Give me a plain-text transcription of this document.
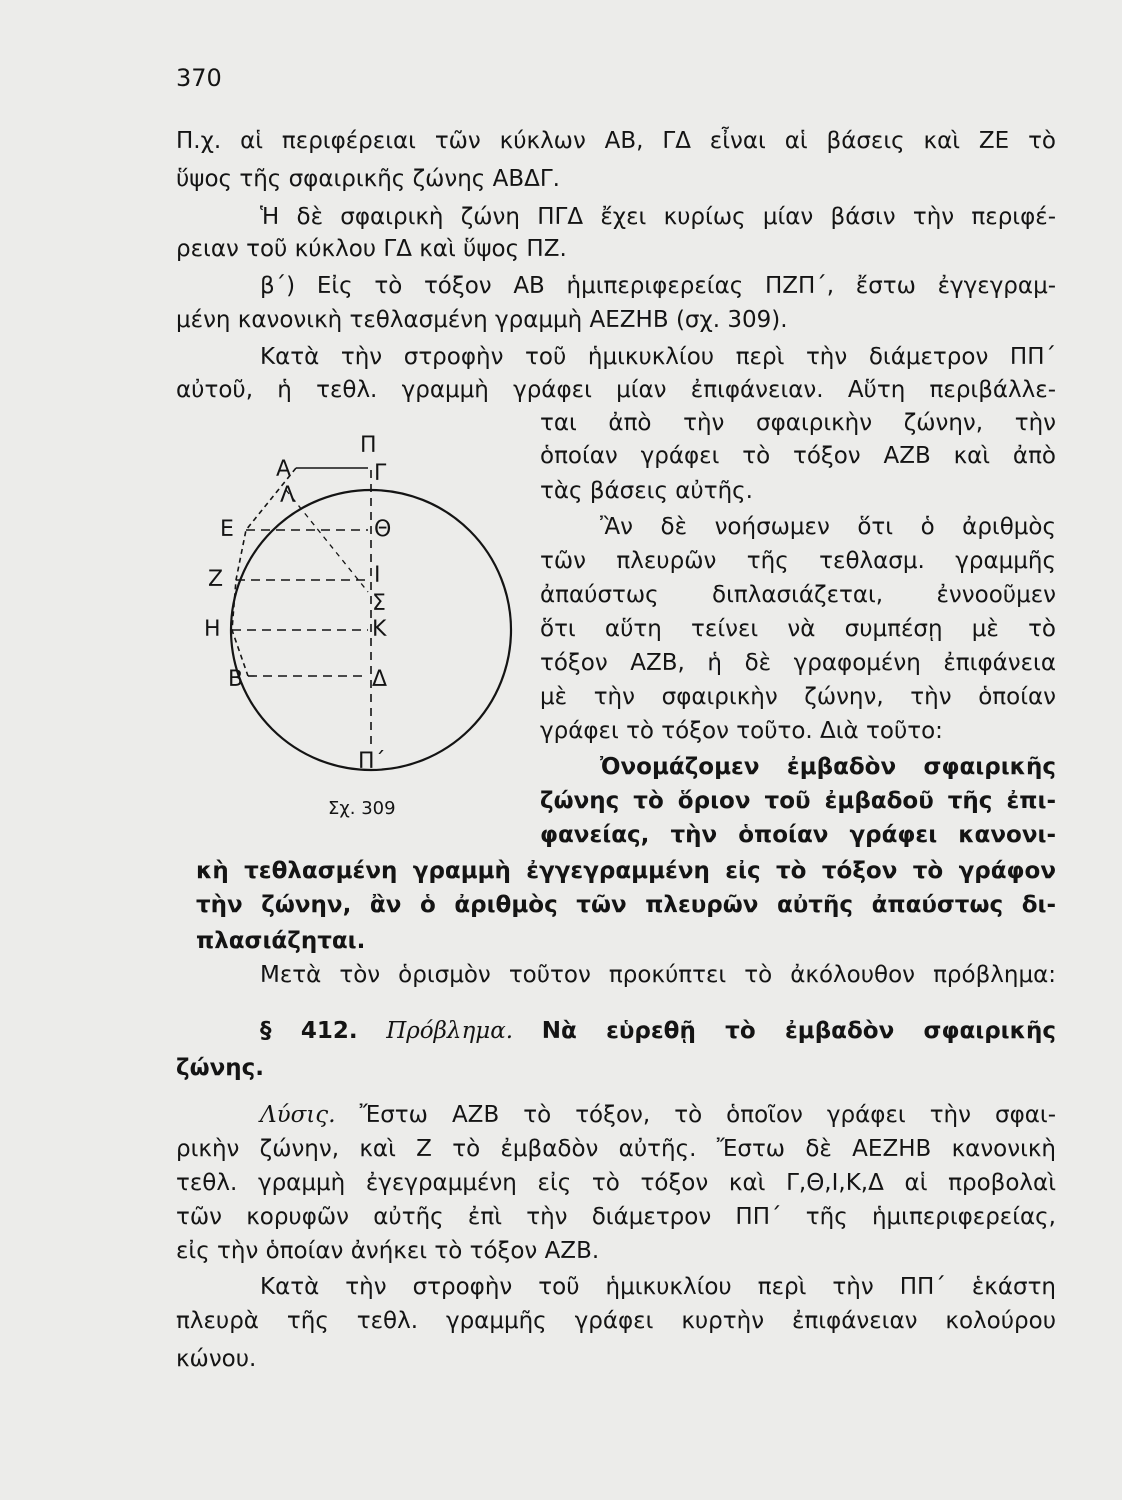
370
Π.χ. αἱ περιφέρειαι τῶν κύκλων ΑΒ, ΓΔ εἶναι αἱ βάσεις καὶ ΖΕ τὸ
ὕψος τῆς σφαιρικῆς ζώνης ΑΒΔΓ.
Ἡ δὲ σφαιρικὴ ζώνη ΠΓΔ ἔχει κυρίως μίαν βάσιν τὴν περιφέ-
ρειαν τοῦ κύκλου ΓΔ καὶ ὕψος ΠΖ.
β΄) Εἰς τὸ τόξον ΑΒ ἡμιπεριφερείας ΠΖΠ΄, ἔστω ἐγγεγραμ-
μένη κανονικὴ τεθλασμένη γραμμὴ ΑΕΖΗΒ (σχ. 309).
Κατὰ τὴν στροφὴν τοῦ ἡμικυκλίου περὶ τὴν διάμετρον ΠΠ΄
αὐτοῦ, ἡ τεθλ. γραμμὴ γράφει μίαν ἐπιφάνειαν. Αὕτη περιβάλλε-
ται ἀπὸ τὴν σφαιρικὴν ζώνην, τὴν
ὁποίαν γράφει τὸ τόξον ΑΖΒ καὶ ἀπὸ
τὰς βάσεις αὐτῆς.
Ἂν δὲ νοήσωμεν ὅτι ὁ ἀριθμὸς
τῶν πλευρῶν τῆς τεθλασμ. γραμμῆς
ἀπαύστως διπλασιάζεται, ἐννοοῦμεν
ὅτι αὕτη τείνει νὰ συμπέσῃ μὲ τὸ
τόξον ΑΖΒ, ἡ δὲ γραφομένη ἐπιφάνεια
μὲ τὴν σφαιρικὴν ζώνην, τὴν ὁποίαν
γράφει τὸ τόξον τοῦτο. Διὰ τοῦτο:
Ὀνομάζομεν ἐμβαδὸν σφαιρικῆς
ζώνης τὸ ὅριον τοῦ ἐμβαδοῦ τῆς ἐπι-
φανείας, τὴν ὁποίαν γράφει κανονι-
κὴ τεθλασμένη γραμμὴ ἐγγεγραμμένη εἰς τὸ τόξον τὸ γράφον
τὴν ζώνην, ἂν ὁ ἀριθμὸς τῶν πλευρῶν αὐτῆς ἀπαύστως δι-
πλασιάζηται.
Μετὰ τὸν ὁρισμὸν τοῦτον προκύπτει τὸ ἀκόλουθον πρόβλημα:
§ 412. Πρόβλημα. Νὰ εὑρεθῇ τὸ ἐμβαδὸν σφαιρικῆς
ζώνης.
Λύσις. Ἔστω ΑΖΒ τὸ τόξον, τὸ ὁποῖον γράφει τὴν σφαι-
ρικὴν ζώνην, καὶ Ζ τὸ ἐμβαδὸν αὐτῆς. Ἔστω δὲ ΑΕΖΗΒ κανονικὴ
τεθλ. γραμμὴ ἐγεγραμμένη εἰς τὸ τόξον καὶ Γ,Θ,Ι,Κ,Δ αἱ προβολαὶ
τῶν κορυφῶν αὐτῆς ἐπὶ τὴν διάμετρον ΠΠ΄ τῆς ἡμιπεριφερείας,
εἰς τὴν ὁποίαν ἀνήκει τὸ τόξον ΑΖΒ.
Κατὰ τὴν στροφὴν τοῦ ἡμικυκλίου περὶ τὴν ΠΠ΄ ἑκάστη
πλευρὰ τῆς τεθλ. γραμμῆς γράφει κυρτὴν ἐπιφάνειαν κολούρου
κώνου.
Π
Α	Γ
Λ
Ε	Θ
Ζ	Ι
Σ
Η	Κ
Β	Δ
Π΄
Σχ. 309
